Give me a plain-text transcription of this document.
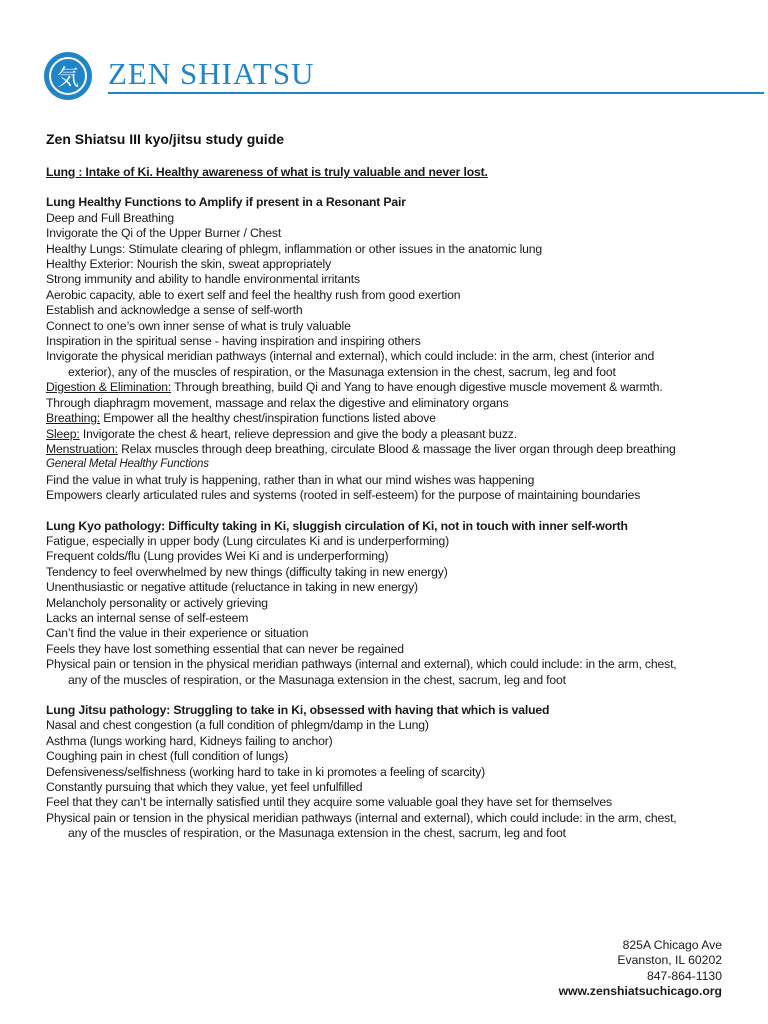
気 ZEN SHIATSU
Zen Shiatsu III kyo/jitsu study guide
Lung : Intake of Ki. Healthy awareness of what is truly valuable and never lost.
Lung Healthy Functions to Amplify if present in a Resonant Pair
Deep and Full Breathing
Invigorate the Qi of the Upper Burner / Chest
Healthy Lungs: Stimulate clearing of phlegm, inflammation or other issues in the anatomic lung
Healthy Exterior: Nourish the skin, sweat appropriately
Strong immunity and ability to handle environmental irritants
Aerobic capacity, able to exert self and feel the healthy rush from good exertion
Establish and acknowledge a sense of self-worth
Connect to one’s own inner sense of what is truly valuable
Inspiration in the spiritual sense - having inspiration and inspiring others
Invigorate the physical meridian pathways (internal and external), which could include: in the arm, chest (interior and
exterior), any of the muscles of respiration, or the Masunaga extension in the chest, sacrum, leg and foot
Digestion & Elimination: Through breathing, build Qi and Yang to have enough digestive muscle movement & warmth.
Through diaphragm movement, massage and relax the digestive and eliminatory organs
Breathing: Empower all the healthy chest/inspiration functions listed above
Sleep: Invigorate the chest & heart, relieve depression and give the body a pleasant buzz.
Menstruation: Relax muscles through deep breathing, circulate Blood & massage the liver organ through deep breathing
General Metal Healthy Functions
Find the value in what truly is happening, rather than in what our mind wishes was happening
Empowers clearly articulated rules and systems (rooted in self-esteem) for the purpose of maintaining boundaries
Lung Kyo pathology: Difficulty taking in Ki, sluggish circulation of Ki, not in touch with inner self-worth
Fatigue, especially in upper body (Lung circulates Ki and is underperforming)
Frequent colds/flu (Lung provides Wei Ki and is underperforming)
Tendency to feel overwhelmed by new things (difficulty taking in new energy)
Unenthusiastic or negative attitude (reluctance in taking in new energy)
Melancholy personality or actively grieving
Lacks an internal sense of self-esteem
Can’t find the value in their experience or situation
Feels they have lost something essential that can never be regained
Physical pain or tension in the physical meridian pathways (internal and external), which could include: in the arm, chest,
any of the muscles of respiration, or the Masunaga extension in the chest, sacrum, leg and foot
Lung Jitsu pathology: Struggling to take in Ki, obsessed with having that which is valued
Nasal and chest congestion (a full condition of phlegm/damp in the Lung)
Asthma (lungs working hard, Kidneys failing to anchor)
Coughing pain in chest (full condition of lungs)
Defensiveness/selfishness (working hard to take in ki promotes a feeling of scarcity)
Constantly pursuing that which they value, yet feel unfulfilled
Feel that they can’t be internally satisfied until they acquire some valuable goal they have set for themselves
Physical pain or tension in the physical meridian pathways (internal and external), which could include: in the arm, chest,
any of the muscles of respiration, or the Masunaga extension in the chest, sacrum, leg and foot
825A Chicago Ave
Evanston, IL 60202
847-864-1130
www.zenshiatsuchicago.org
